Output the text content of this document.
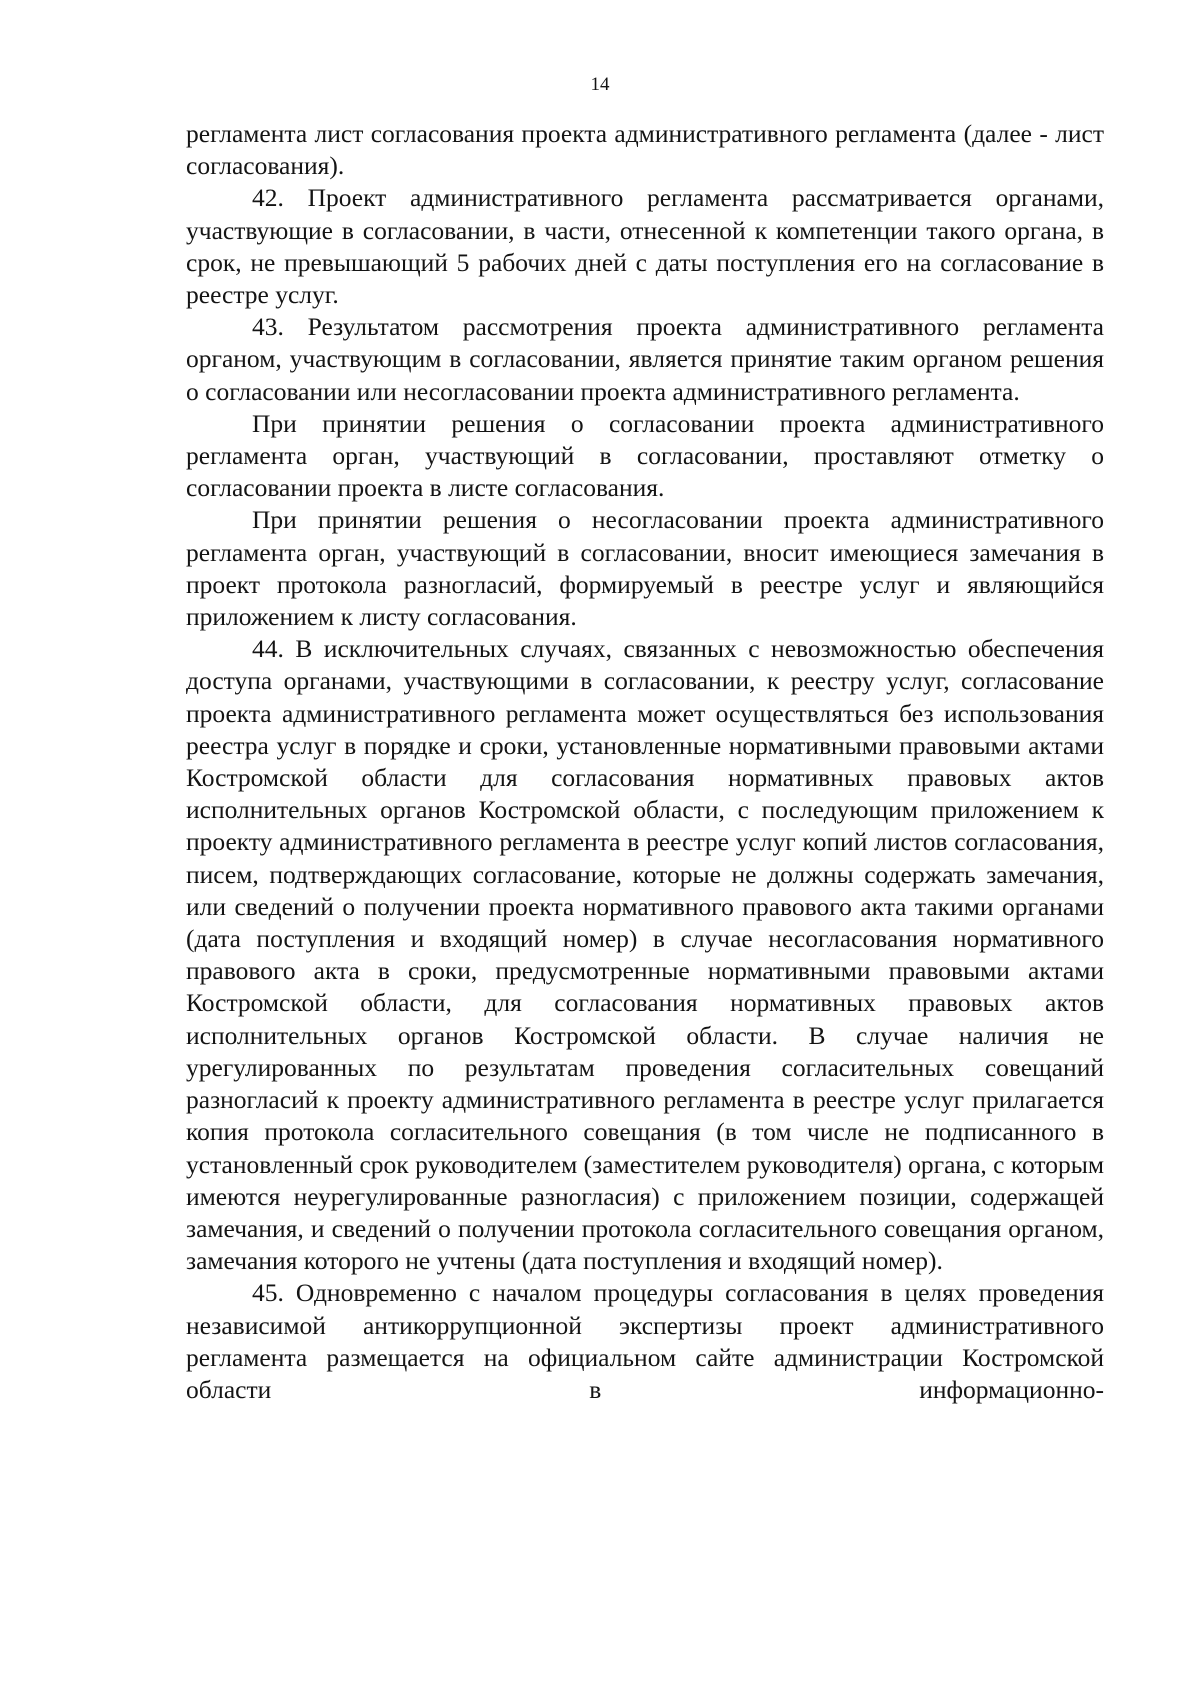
14

регламента лист согласования проекта административного регламента (далее - лист согласования).

42. Проект административного регламента рассматривается органами, участвующие в согласовании, в части, отнесенной к компетенции такого органа, в срок, не превышающий 5 рабочих дней с даты поступления его на согласование в реестре услуг.

43. Результатом рассмотрения проекта административного регламента органом, участвующим в согласовании, является принятие таким органом решения о согласовании или несогласовании проекта административного регламента.

При принятии решения о согласовании проекта административного регламента орган, участвующий в согласовании, проставляют отметку о согласовании проекта в листе согласования.

При принятии решения о несогласовании проекта административного регламента орган, участвующий в согласовании, вносит имеющиеся замечания в проект протокола разногласий, формируемый в реестре услуг и являющийся приложением к листу согласования.

44. В исключительных случаях, связанных с невозможностью обеспечения доступа органами, участвующими в согласовании, к реестру услуг, согласование проекта административного регламента может осуществляться без использования реестра услуг в порядке и сроки, установленные нормативными правовыми актами Костромской области для согласования нормативных правовых актов исполнительных органов Костромской области, с последующим приложением к проекту административного регламента в реестре услуг копий листов согласования, писем, подтверждающих согласование, которые не должны содержать замечания, или сведений о получении проекта нормативного правового акта такими органами (дата поступления и входящий номер) в случае несогласования нормативного правового акта в сроки, предусмотренные нормативными правовыми актами Костромской области, для согласования нормативных правовых актов исполнительных органов Костромской области. В случае наличия не урегулированных по результатам проведения согласительных совещаний разногласий к проекту административного регламента в реестре услуг прилагается копия протокола согласительного совещания (в том числе не подписанного в установленный срок руководителем (заместителем руководителя) органа, с которым имеются неурегулированные разногласия) с приложением позиции, содержащей замечания, и сведений о получении протокола согласительного совещания органом, замечания которого не учтены (дата поступления и входящий номер).

45. Одновременно с началом процедуры согласования в целях проведения независимой антикоррупционной экспертизы проект административного регламента размещается на официальном сайте администрации Костромской области в информационно-
